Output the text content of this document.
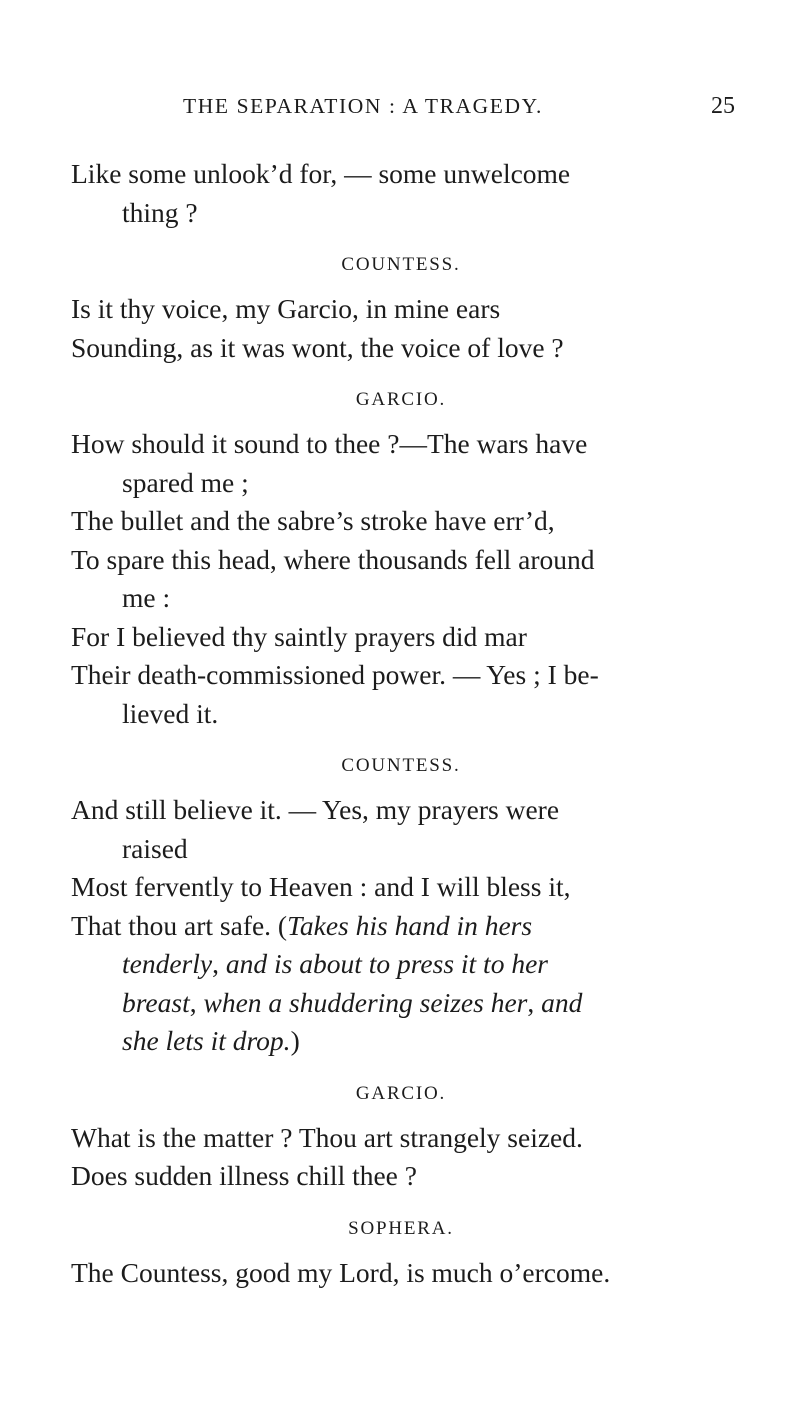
THE SEPARATION : A TRAGEDY.	25
Like some unlook’d for, — some unwelcome
thing ?
COUNTESS.
Is it thy voice, my Garcio, in mine ears
Sounding, as it was wont, the voice of love ?
GARCIO.
How should it sound to thee ?—The wars have
spared me ;
The bullet and the sabre’s stroke have err’d,
To spare this head, where thousands fell around
me :
For I believed thy saintly prayers did mar
Their death-commissioned power. — Yes ; I be-
lieved it.
COUNTESS.
And still believe it. — Yes, my prayers were
raised
Most fervently to Heaven : and I will bless it,
That thou art safe. (Takes his hand in hers
tenderly, and is about to press it to her
breast, when a shuddering seizes her, and
she lets it drop.)
GARCIO.
What is the matter ? Thou art strangely seized.
Does sudden illness chill thee ?
SOPHERA.
The Countess, good my Lord, is much o’ercome.
